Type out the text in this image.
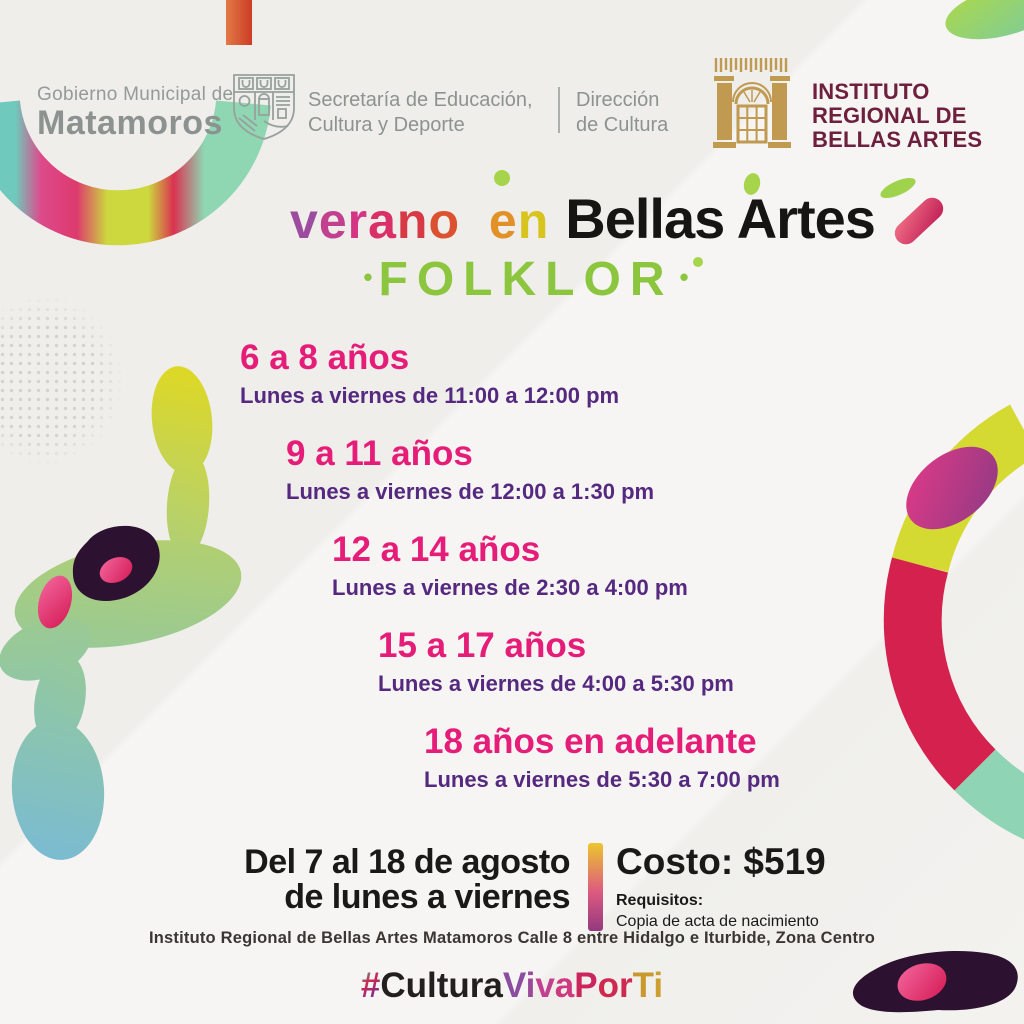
Gobierno Municipal de
Matamoros
Secretaría de Educación,
Cultura y Deporte
Dirección
de Cultura
INSTITUTO
REGIONAL DE
BELLAS ARTES
verano en Bellas Artes
• FOLKLOR •
6 a 8 años
Lunes a viernes de 11:00 a 12:00 pm
9 a 11 años
Lunes a viernes de 12:00 a 1:30 pm
12 a 14 años
Lunes a viernes de 2:30 a 4:00 pm
15 a 17 años
Lunes a viernes de 4:00 a 5:30 pm
18 años en adelante
Lunes a viernes de 5:30 a 7:00 pm
Del 7 al 18 de agosto
de lunes a viernes
Costo: $519
Requisitos:
Copia de acta de nacimiento
Instituto Regional de Bellas Artes Matamoros Calle 8 entre Hidalgo e Iturbide, Zona Centro
#CulturaVivaPorTi
